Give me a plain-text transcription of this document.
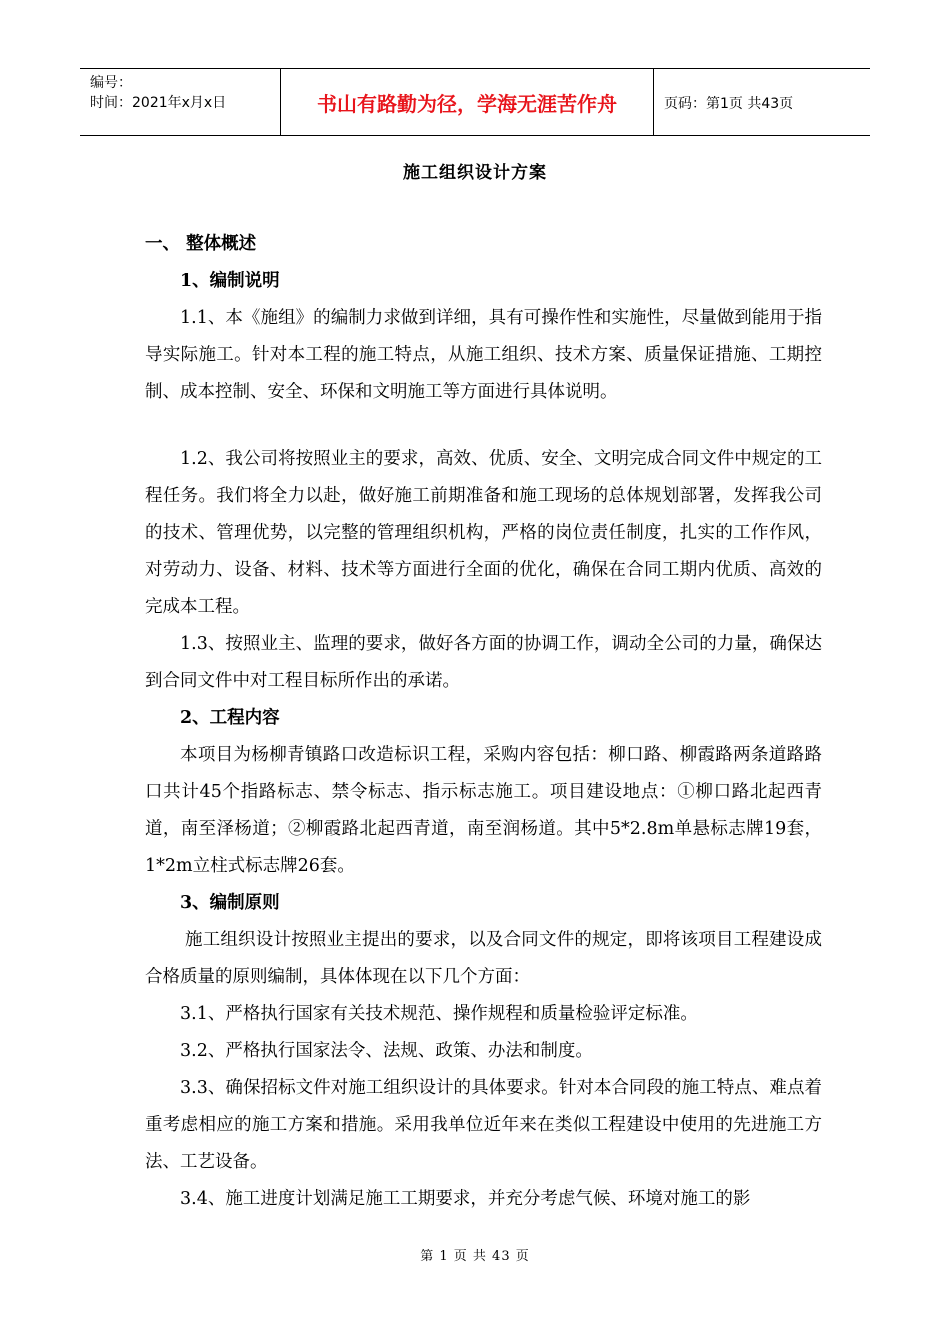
编号：
时间：2021年x月x日	书山有路勤为径，学海无涯苦作舟	页码：第1页 共43页
施工组织设计方案

一、 整体概述

1、编制说明

1.1、本《施组》的编制力求做到详细，具有可操作性和实施性，尽量做到能用于指导实际施工。针对本工程的施工特点，从施工组织、技术方案、质量保证措施、工期控制、成本控制、安全、环保和文明施工等方面进行具体说明。

1.2、我公司将按照业主的要求，高效、优质、安全、文明完成合同文件中规定的工程任务。我们将全力以赴，做好施工前期准备和施工现场的总体规划部署，发挥我公司的技术、管理优势，以完整的管理组织机构，严格的岗位责任制度，扎实的工作作风，对劳动力、设备、材料、技术等方面进行全面的优化，确保在合同工期内优质、高效的完成本工程。

1.3、按照业主、监理的要求，做好各方面的协调工作，调动全公司的力量，确保达到合同文件中对工程目标所作出的承诺。

2、工程内容

本项目为杨柳青镇路口改造标识工程，采购内容包括：柳口路、柳霞路两条道路路口共计45个指路标志、禁令标志、指示标志施工。项目建设地点：①柳口路北起西青道，南至泽杨道；②柳霞路北起西青道，南至润杨道。其中5*2.8m单悬标志牌19套，1*2m立柱式标志牌26套。

3、编制原则

施工组织设计按照业主提出的要求，以及合同文件的规定，即将该项目工程建设成合格质量的原则编制，具体体现在以下几个方面：

3.1、严格执行国家有关技术规范、操作规程和质量检验评定标准。

3.2、严格执行国家法令、法规、政策、办法和制度。

3.3、确保招标文件对施工组织设计的具体要求。针对本合同段的施工特点、难点着重考虑相应的施工方案和措施。采用我单位近年来在类似工程建设中使用的先进施工方法、工艺设备。

3.4、施工进度计划满足施工工期要求，并充分考虑气候、环境对施工的影

第 1 页 共 43 页
